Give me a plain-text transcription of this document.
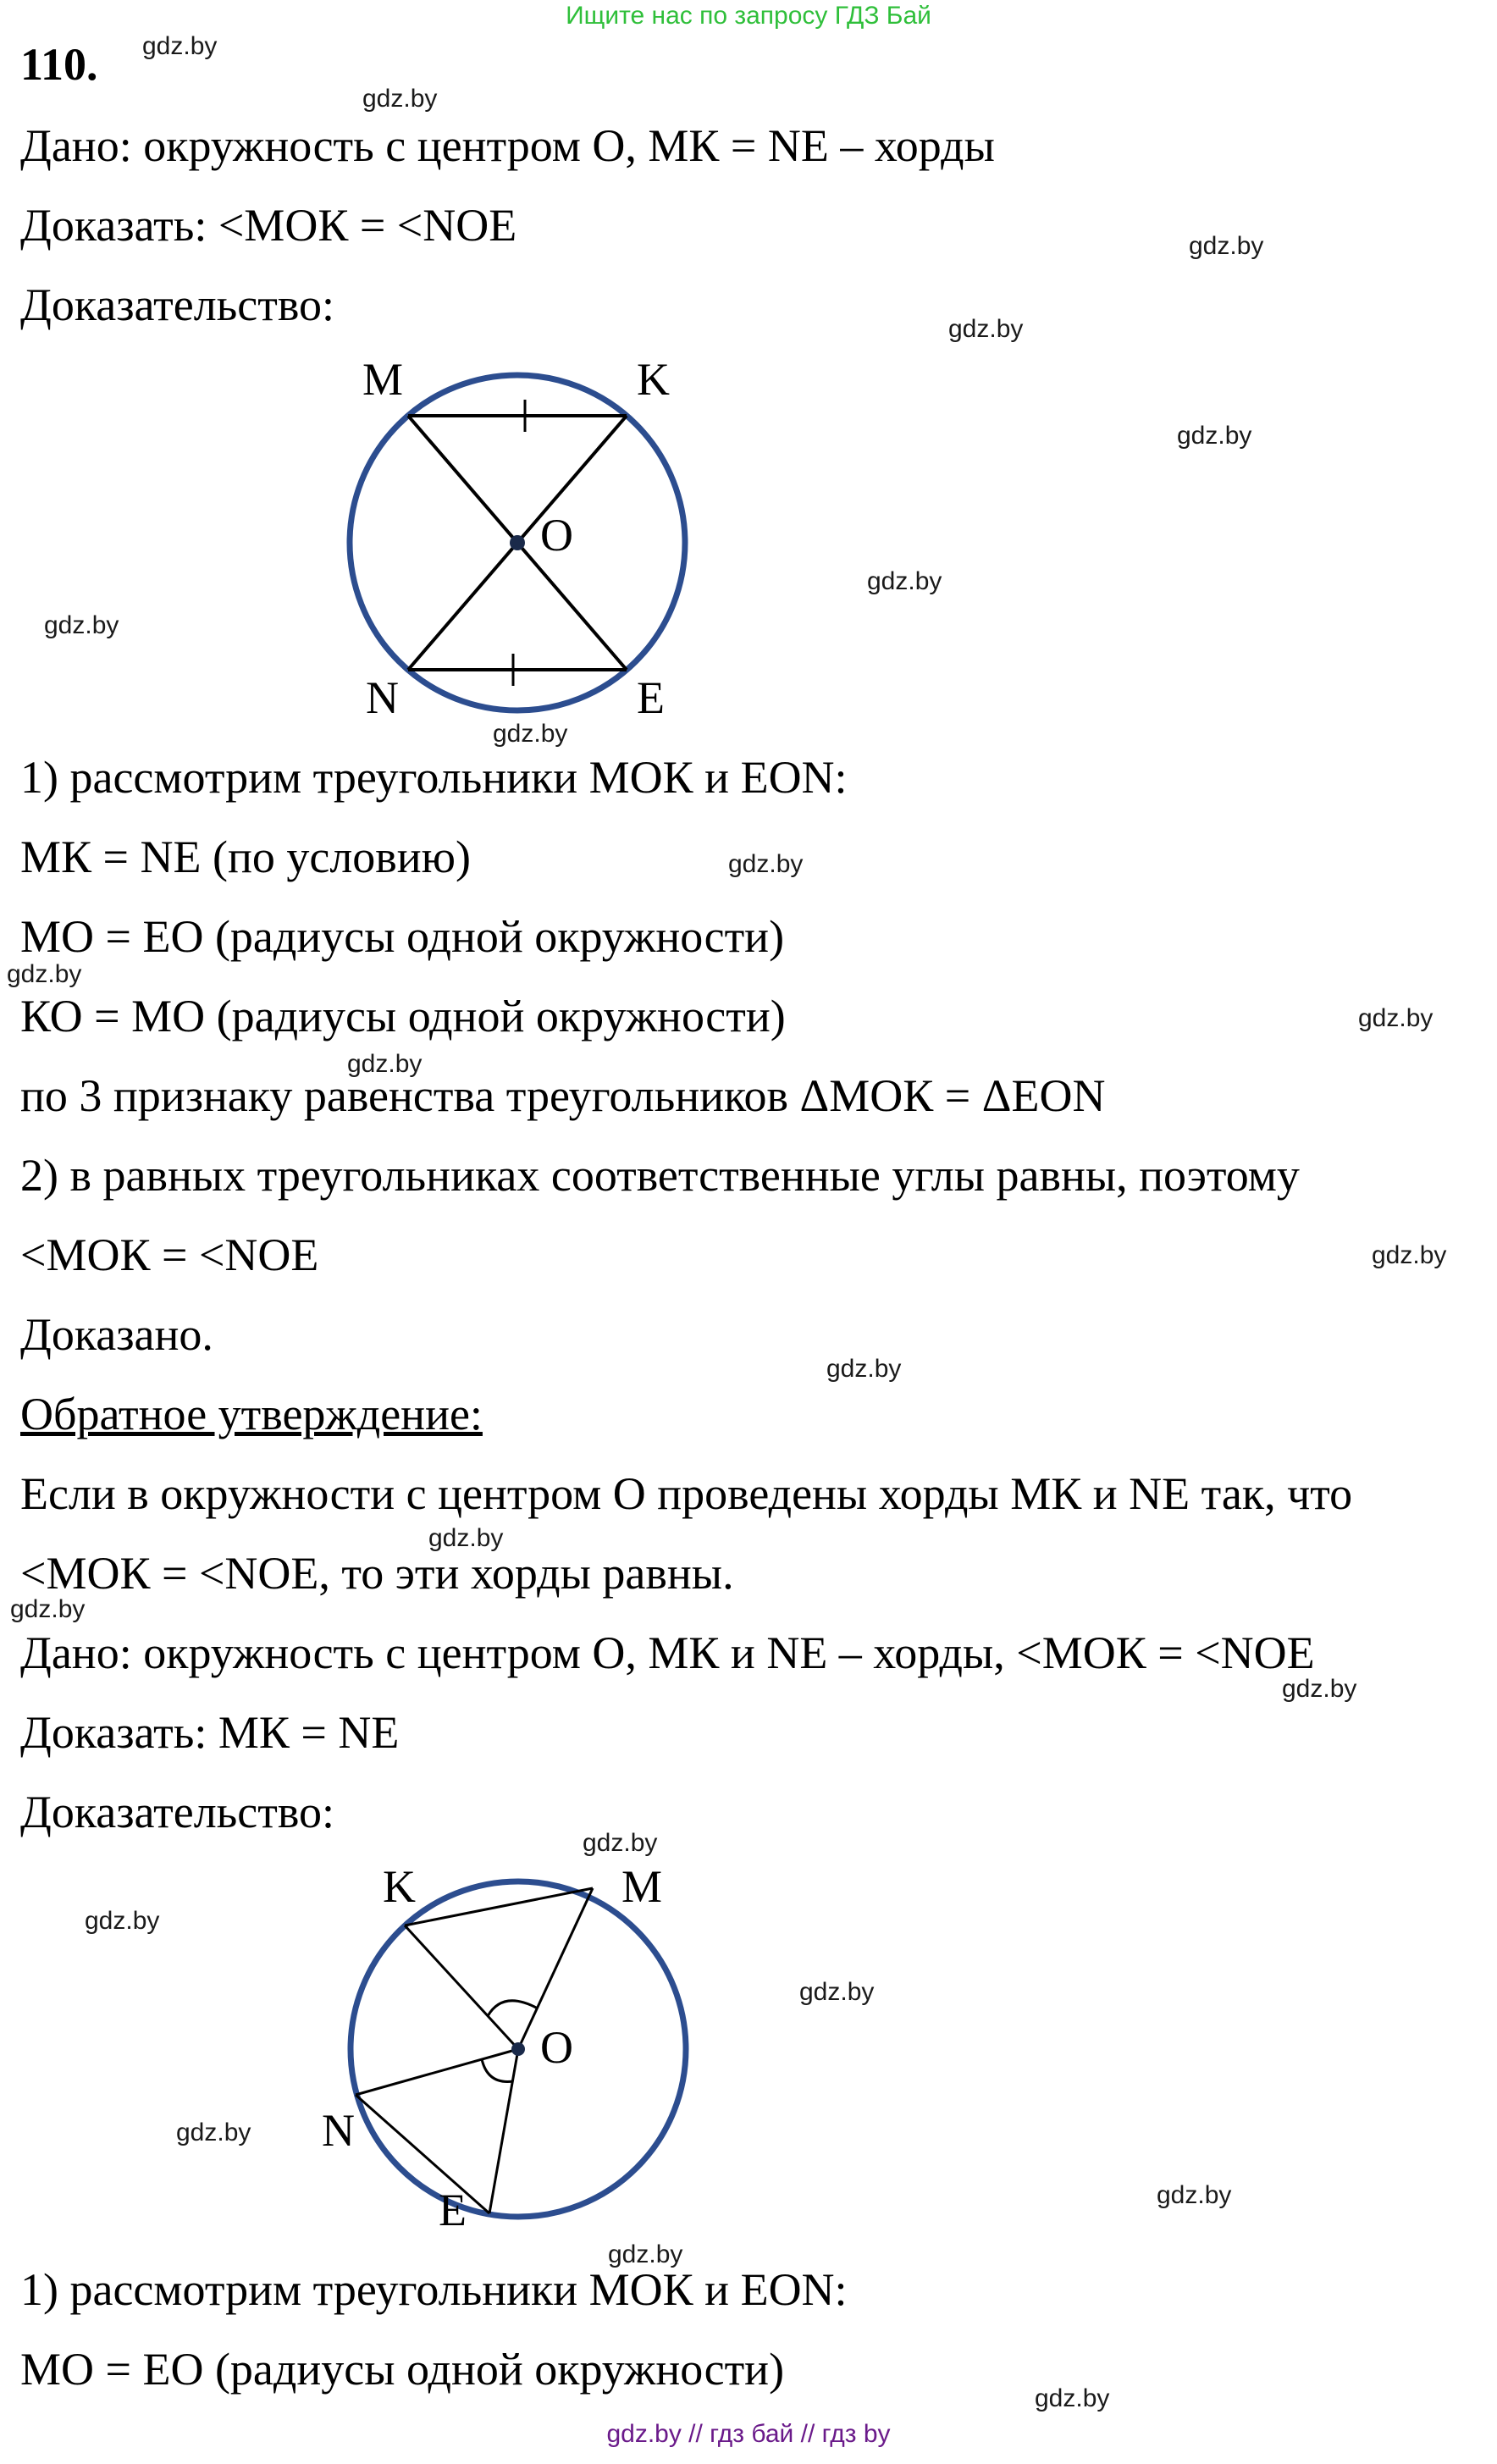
Ищите нас по запросу ГДЗ Бай
gdz.by
gdz.by
gdz.by
gdz.by
gdz.by
gdz.by
gdz.by
gdz.by
gdz.by
gdz.by
gdz.by
gdz.by
gdz.by
gdz.by
gdz.by
gdz.by
gdz.by
gdz.by
gdz.by
gdz.by
gdz.by
gdz.by
gdz.by
gdz.by
110.
Дано: окружность с центром О, МК = NE – хорды
Доказать: <МОК = <NOE
Доказательство:
M	K
O
N	E
1) рассмотрим треугольники МОК и EON:
МК = NE (по условию)
МО = ЕО (радиусы одной окружности)
КО = МО (радиусы одной окружности)
по 3 признаку равенства треугольников ΔМОК = ΔEON
2) в равных треугольниках соответственные углы равны, поэтому
<МОК = <NOE
Доказано.
Обратное утверждение:
Если в окружности с центром О проведены хорды МК и NE так, что
<МОК = <NOE, то эти хорды равны.
Дано: окружность с центром О, МК и NE – хорды, <МОК = <NOE
Доказать: МК = NE
Доказательство:
K	M
O
N
E
1) рассмотрим треугольники МОК и EON:
МО = ЕО (радиусы одной окружности)
gdz.by // гдз бай // гдз by
